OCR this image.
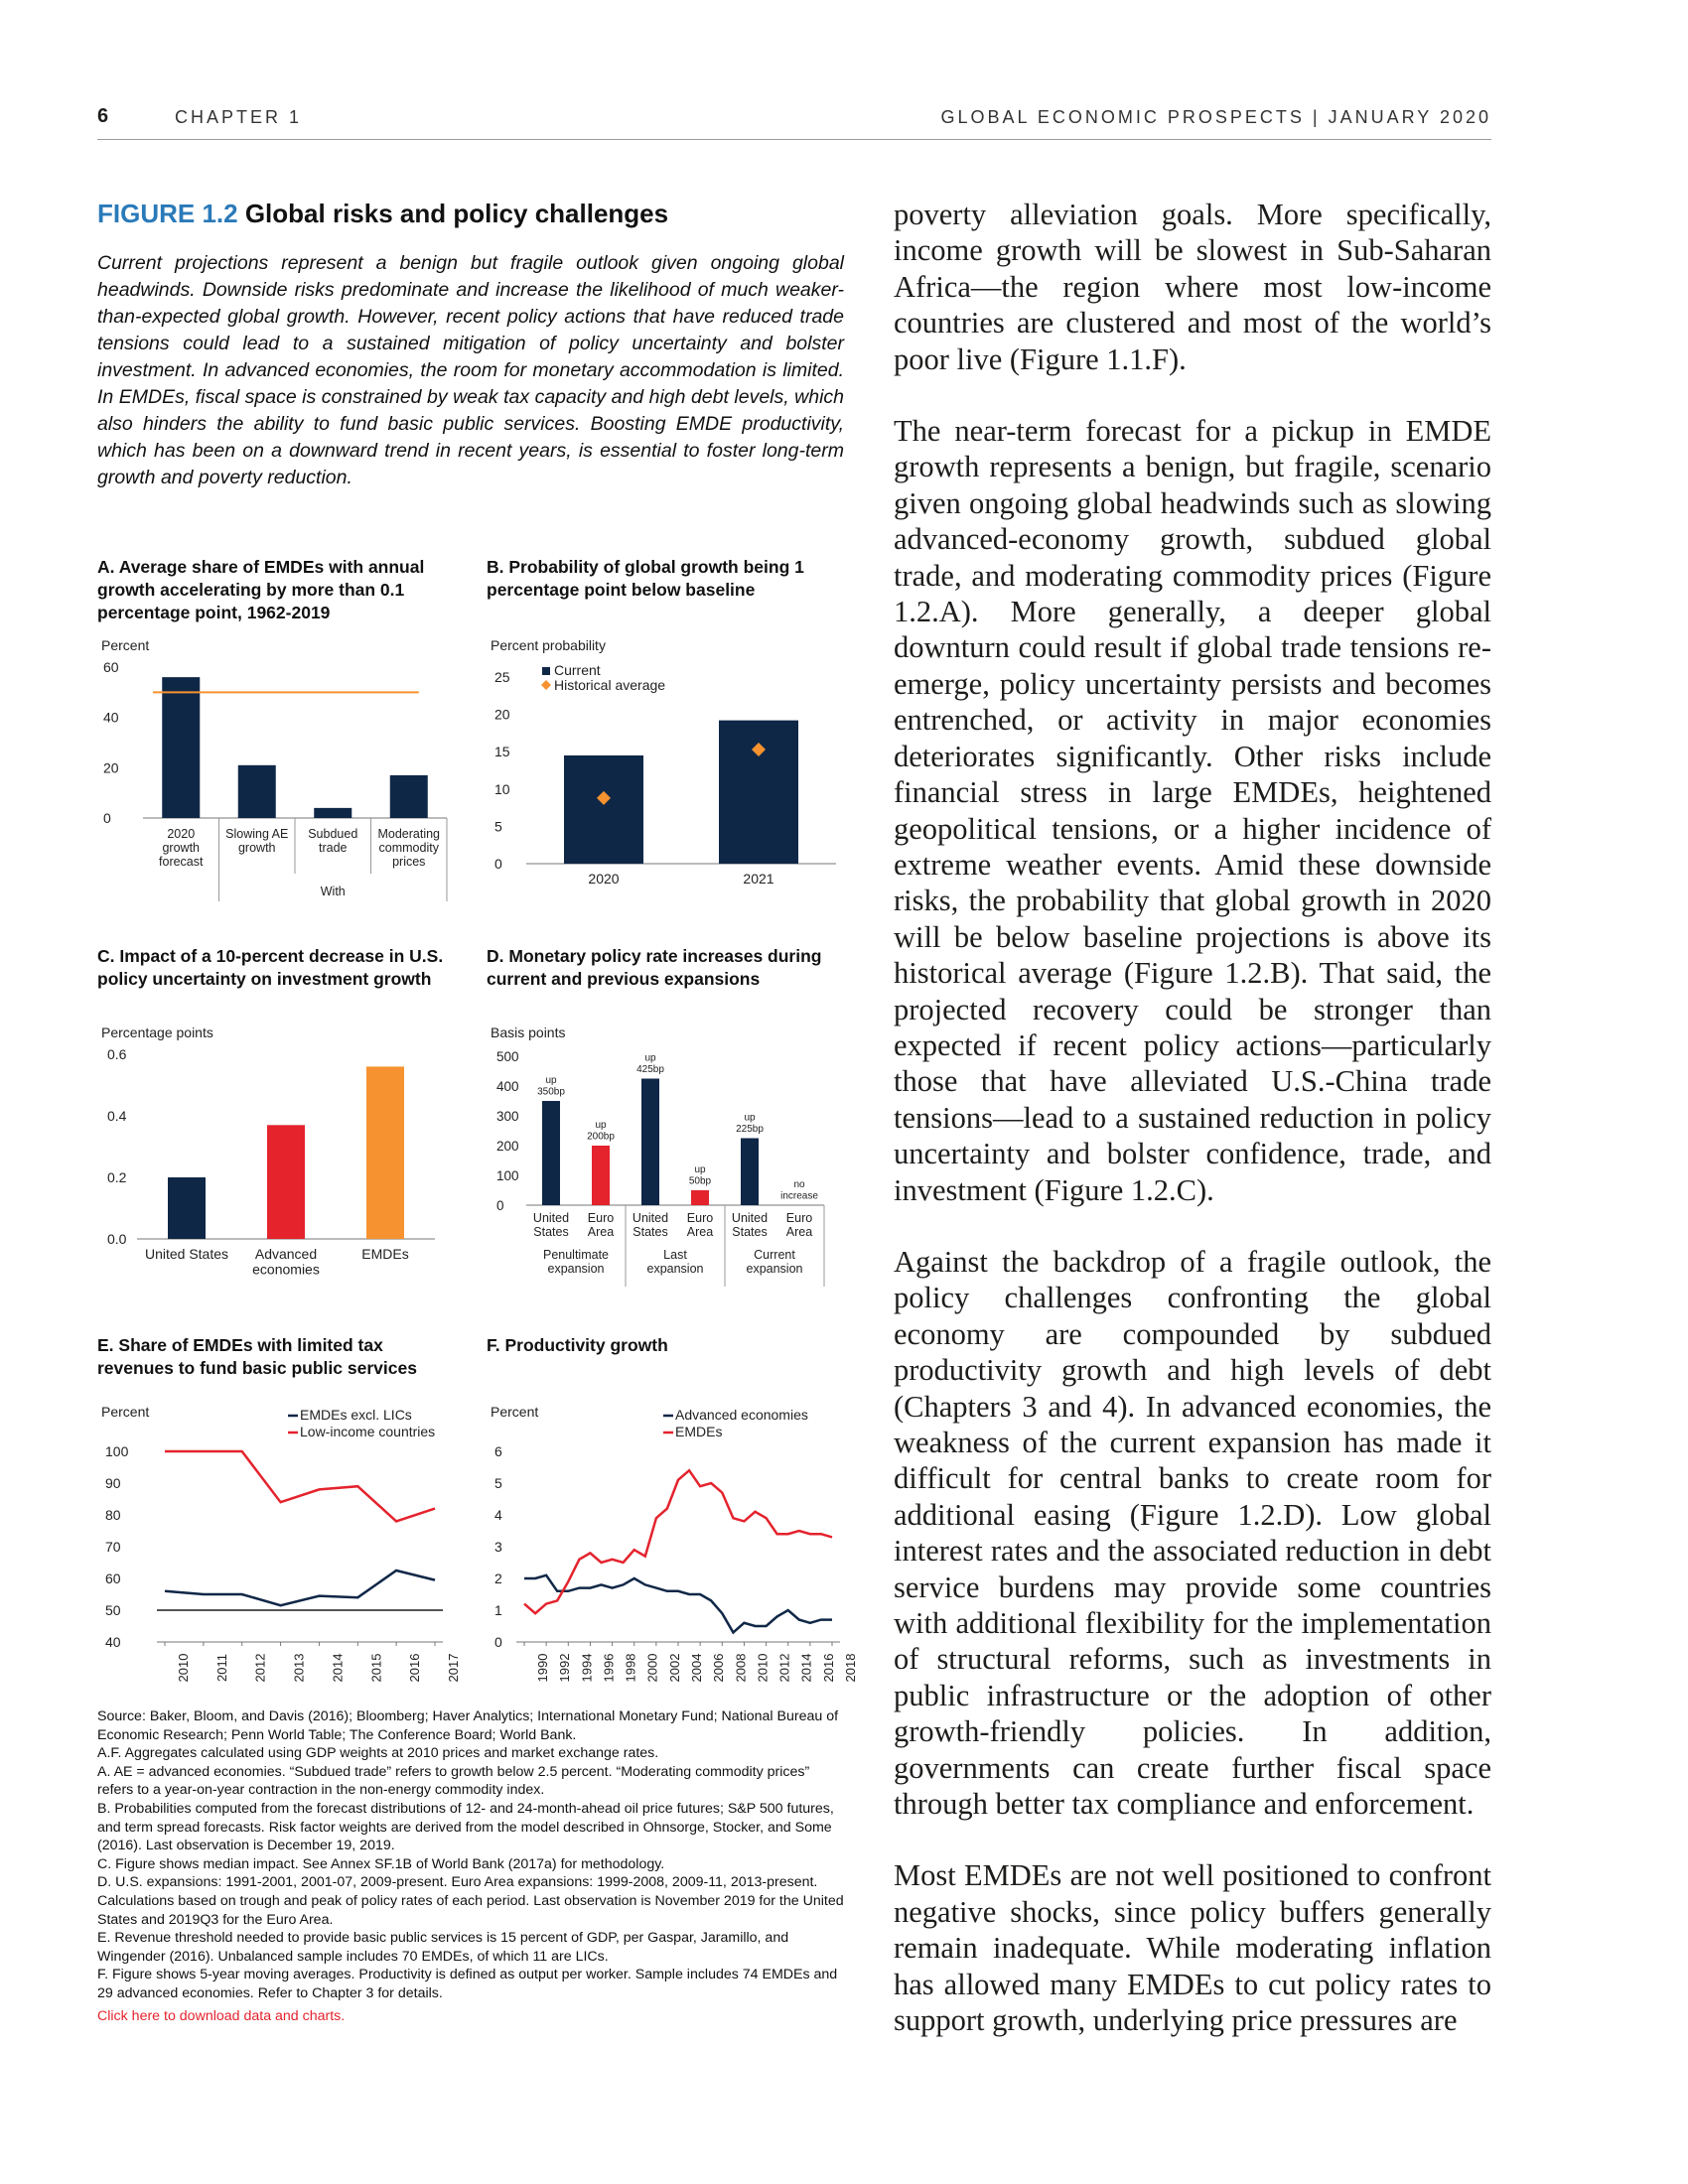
6	CHAPTER 1	GLOBAL ECONOMIC PROSPECTS | JANUARY 2020
FIGURE 1.2 Global risks and policy challenges
Current projections represent a benign but fragile outlook given ongoing global headwinds. Downside risks predominate and increase the likelihood of much weaker-than-expected global growth. However, recent policy actions that have reduced trade tensions could lead to a sustained mitigation of policy uncertainty and bolster investment. In advanced economies, the room for monetary accommodation is limited. In EMDEs, fiscal space is constrained by weak tax capacity and high debt levels, which also hinders the ability to fund basic public services. Boosting EMDE productivity, which has been on a downward trend in recent years, is essential to foster long-term growth and poverty reduction.
A. Average share of EMDEs with annual growth accelerating by more than 0.1 percentage point, 1962-2019
B. Probability of global growth being 1 percentage point below baseline
C. Impact of a 10-percent decrease in U.S. policy uncertainty on investment growth
D. Monetary policy rate increases during current and previous expansions
E. Share of EMDEs with limited tax revenues to fund basic public services
F. Productivity growth
Percent
0
20
40
60
2020 growth forecast
Slowing AE growth
Subdued trade
Moderating commodity prices
With
Percent probability
Current
Historical average
0
5
10
15
20
25
2020	2021
Percentage points
0.0
0.2
0.4
0.6
United States Advanced economies
EMDEs
Basis points
0
100
200
300
400
500
up 350bp
United States
up 200bp
Euro Area
up 425bp
United States
up 50bp
Euro Area
up 225bp
United States
no increase
Euro Area
Penultimate expansion
Last expansion
Current expansion
Percent
40
50
60
70
80
90
100
2010 2011 2012 2013 2014 2015 2016 2017
EMDEs excl. LICs
Low-income countries
Percent
0
1
2
3
4
5
6
1990 1992 1994 1996 1998 2000 2002 2004 2006 2008 2010 2012 2014 2016 2018
Advanced economies
EMDEs

Source: Baker, Bloom, and Davis (2016); Bloomberg; Haver Analytics; International Monetary Fund; National Bureau of Economic Research; Penn World Table; The Conference Board; World Bank.

A.F. Aggregates calculated using GDP weights at 2010 prices and market exchange rates.

A. AE = advanced economies. “Subdued trade” refers to growth below 2.5 percent. “Moderating commodity prices” refers to a year-on-year contraction in the non-energy commodity index.

B. Probabilities computed from the forecast distributions of 12- and 24-month-ahead oil price futures; S&P 500 futures, and term spread forecasts. Risk factor weights are derived from the model described in Ohnsorge, Stocker, and Some (2016). Last observation is December 19, 2019.

C. Figure shows median impact. See Annex SF.1B of World Bank (2017a) for methodology.

D. U.S. expansions: 1991-2001, 2001-07, 2009-present. Euro Area expansions: 1999-2008, 2009-11, 2013-present. Calculations based on trough and peak of policy rates of each period. Last observation is November 2019 for the United States and 2019Q3 for the Euro Area.

E. Revenue threshold needed to provide basic public services is 15 percent of GDP, per Gaspar, Jaramillo, and Wingender (2016). Unbalanced sample includes 70 EMDEs, of which 11 are LICs.

F. Figure shows 5-year moving averages. Productivity is defined as output per worker. Sample includes 74 EMDEs and 29 advanced economies. Refer to Chapter 3 for details.

Click here to download data and charts.

poverty alleviation goals. More specifically, income growth will be slowest in Sub-Saharan Africa—the region where most low-income countries are clustered and most of the world’s poor live (Figure 1.1.F).

The near-term forecast for a pickup in EMDE growth represents a benign, but fragile, scenario given ongoing global headwinds such as slowing advanced-economy growth, subdued global trade, and moderating commodity prices (Figure 1.2.A). More generally, a deeper global downturn could result if global trade tensions re-emerge, policy uncertainty persists and becomes entrenched, or activity in major economies deteriorates significantly. Other risks include financial stress in large EMDEs, heightened geopolitical tensions, or a higher incidence of extreme weather events. Amid these downside risks, the probability that global growth in 2020 will be below baseline projections is above its historical average (Figure 1.2.B). That said, the projected recovery could be stronger than expected if recent policy actions—particularly those that have alleviated U.S.-China trade tensions—lead to a sustained reduction in policy uncertainty and bolster confidence, trade, and investment (Figure 1.2.C).

Against the backdrop of a fragile outlook, the policy challenges confronting the global economy are compounded by subdued productivity growth and high levels of debt (Chapters 3 and 4). In advanced economies, the weakness of the current expansion has made it difficult for central banks to create room for additional easing (Figure 1.2.D). Low global interest rates and the associated reduction in debt service burdens may provide some countries with additional flexibility for the implementation of structural reforms, such as investments in public infrastructure or the adoption of other growth-friendly policies. In addition, governments can create further fiscal space through better tax compliance and enforcement.

Most EMDEs are not well positioned to confront negative shocks, since policy buffers generally remain inadequate. While moderating inflation has allowed many EMDEs to cut policy rates to support growth, underlying price pressures are
